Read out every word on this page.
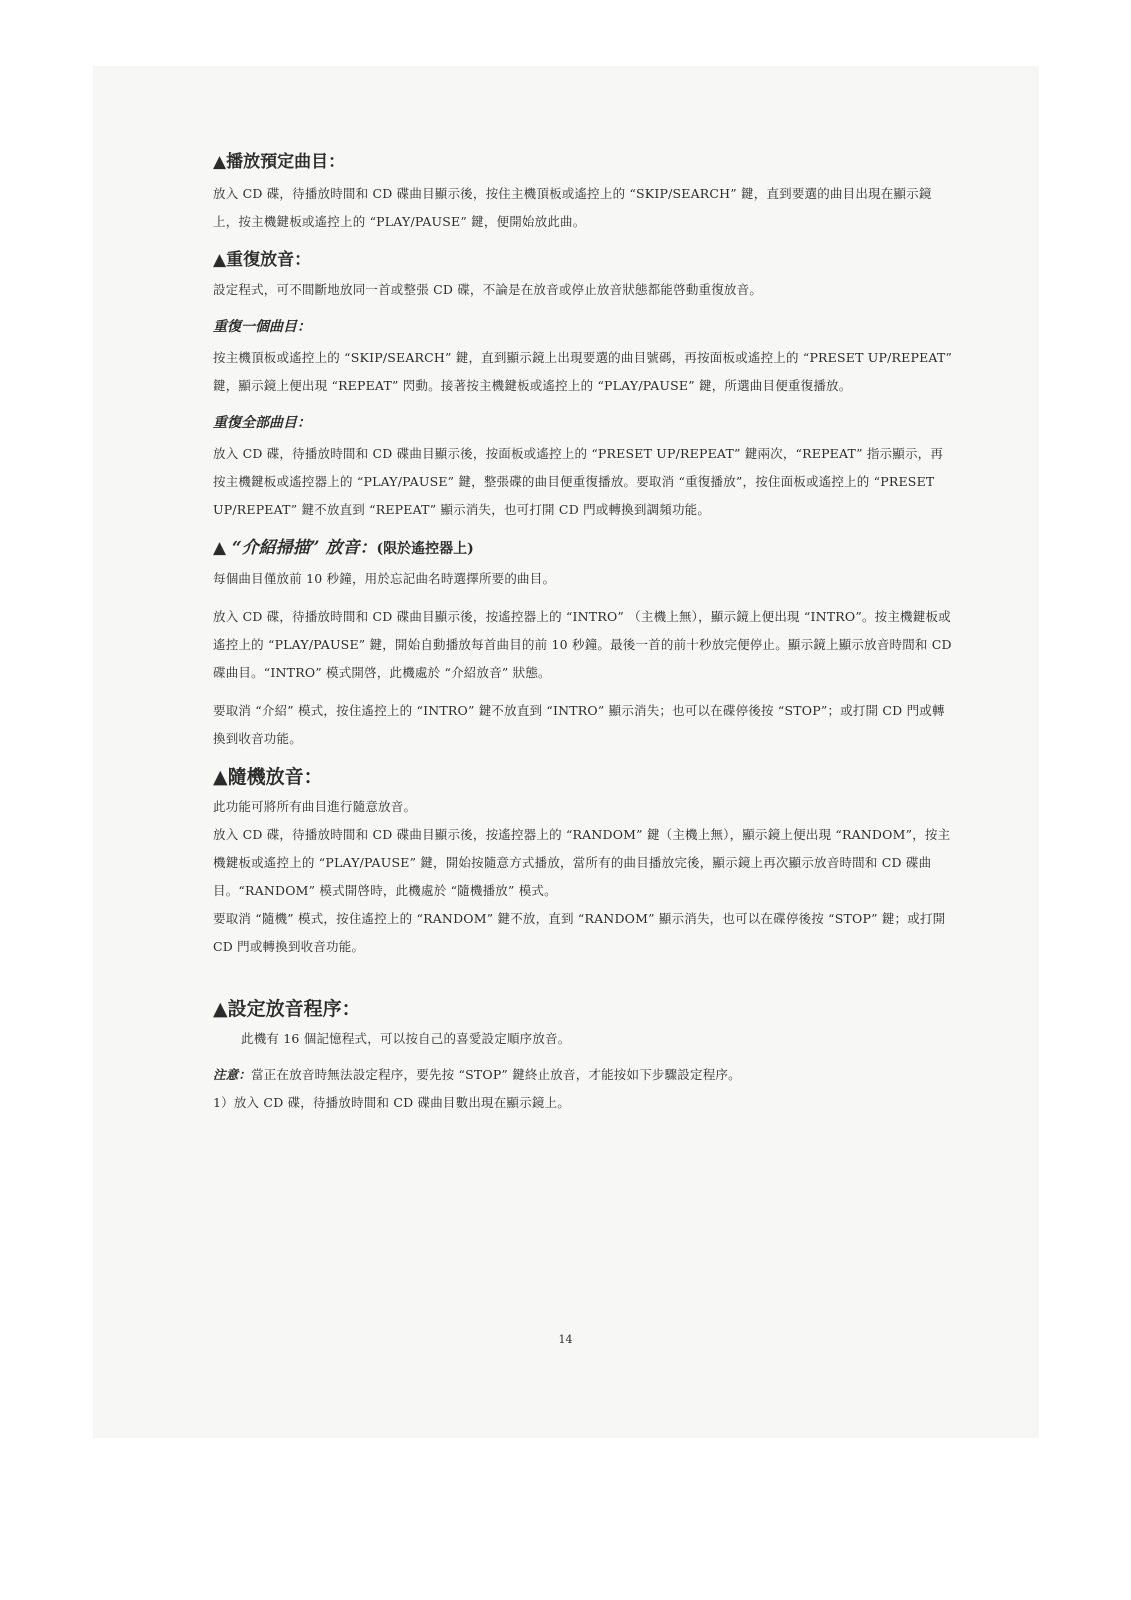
▲播放預定曲目：

放入 CD 碟，待播放時間和 CD 碟曲目顯示後，按住主機頂板或遙控上的 “SKIP/SEARCH” 鍵，直到要選的曲目出現在顯示鏡上，按主機鍵板或遙控上的 “PLAY/PAUSE” 鍵，便開始放此曲。

▲重復放音：

設定程式，可不間斷地放同一首或整張 CD 碟，不論是在放音或停止放音狀態都能啓動重復放音。

重復一個曲目：

按主機頂板或遙控上的 “SKIP/SEARCH” 鍵，直到顯示鏡上出現要選的曲目號碼，再按面板或遙控上的 “PRESET UP/REPEAT” 鍵，顯示鏡上便出現 “REPEAT” 閃動。接著按主機鍵板或遙控上的 “PLAY/PAUSE” 鍵，所選曲目便重復播放。

重復全部曲目：

放入 CD 碟，待播放時間和 CD 碟曲目顯示後，按面板或遙控上的 “PRESET UP/REPEAT” 鍵兩次，“REPEAT” 指示顯示，再按主機鍵板或遙控器上的 “PLAY/PAUSE” 鍵，整張碟的曲目便重復播放。要取消 “重復播放”，按住面板或遙控上的 “PRESET UP/REPEAT” 鍵不放直到 “REPEAT” 顯示消失，也可打開 CD 門或轉換到調頻功能。

▲ “介紹掃描” 放音：(限於遙控器上)

每個曲目僅放前 10 秒鐘，用於忘記曲名時選擇所要的曲目。

放入 CD 碟，待播放時間和 CD 碟曲目顯示後，按遙控器上的 “INTRO” （主機上無），顯示鏡上便出現 “INTRO”。按主機鍵板或遙控上的 “PLAY/PAUSE” 鍵，開始自動播放每首曲目的前 10 秒鐘。最後一首的前十秒放完便停止。顯示鏡上顯示放音時間和 CD 碟曲目。“INTRO” 模式開啓，此機處於 “介紹放音” 狀態。

要取消 “介紹” 模式，按住遙控上的 “INTRO” 鍵不放直到 “INTRO” 顯示消失；也可以在碟停後按 “STOP”；或打開 CD 門或轉換到收音功能。

▲隨機放音：

此功能可將所有曲目進行隨意放音。

放入 CD 碟，待播放時間和 CD 碟曲目顯示後，按遙控器上的 “RANDOM” 鍵（主機上無），顯示鏡上便出現 “RANDOM”，按主機鍵板或遙控上的 “PLAY/PAUSE” 鍵，開始按隨意方式播放，當所有的曲目播放完後，顯示鏡上再次顯示放音時間和 CD 碟曲目。“RANDOM” 模式開啓時，此機處於 “隨機播放” 模式。

要取消 “隨機” 模式，按住遙控上的 “RANDOM” 鍵不放，直到 “RANDOM” 顯示消失，也可以在碟停後按 “STOP” 鍵；或打開 CD 門或轉換到收音功能。

▲設定放音程序：

此機有 16 個記憶程式，可以按自己的喜愛設定順序放音。

注意：當正在放音時無法設定程序，要先按 “STOP” 鍵終止放音，才能按如下步驟設定程序。

1）放入 CD 碟，待播放時間和 CD 碟曲目數出現在顯示鏡上。

14
